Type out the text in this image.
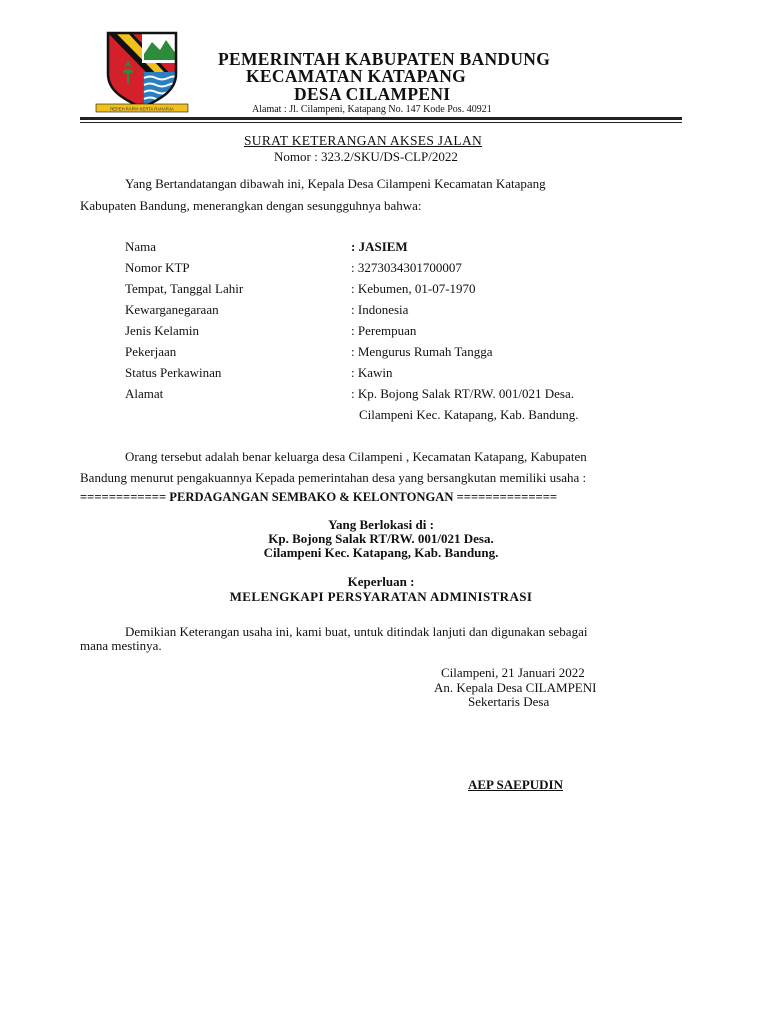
REPEH RAPIH KERTA RAHARJA
PEMERINTAH KABUPATEN BANDUNG
KECAMATAN KATAPANG
DESA CILAMPENI
Alamat : Jl. Cilampeni, Katapang No. 147 Kode Pos. 40921
SURAT KETERANGAN AKSES JALAN
Nomor : 323.2/SKU/DS-CLP/2022
Yang Bertandatangan dibawah ini, Kepala Desa Cilampeni Kecamatan Katapang
Kabupaten Bandung, menerangkan dengan sesungguhnya bahwa:
Nama	: JASIEM
Nomor KTP	: 3273034301700007
Tempat, Tanggal Lahir	: Kebumen, 01-07-1970
Kewarganegaraan	: Indonesia
Jenis Kelamin	: Perempuan
Pekerjaan	: Mengurus Rumah Tangga
Status Perkawinan	: Kawin
Alamat	: Kp. Bojong Salak RT/RW. 001/021 Desa.
Cilampeni Kec. Katapang, Kab. Bandung.
Orang tersebut adalah benar keluarga desa Cilampeni , Kecamatan Katapang, Kabupaten
Bandung menurut pengakuannya Kepada pemerintahan desa yang bersangkutan memiliki usaha :
============ PERDAGANGAN SEMBAKO & KELONTONGAN ==============
Yang Berlokasi di :
Kp. Bojong Salak RT/RW. 001/021 Desa.
Cilampeni Kec. Katapang, Kab. Bandung.
Keperluan :
MELENGKAPI PERSYARATAN ADMINISTRASI
Demikian Keterangan usaha ini, kami buat, untuk ditindak lanjuti dan digunakan sebagai
mana mestinya.
Cilampeni, 21 Januari 2022
An. Kepala Desa CILAMPENI
Sekertaris Desa
AEP SAEPUDIN
